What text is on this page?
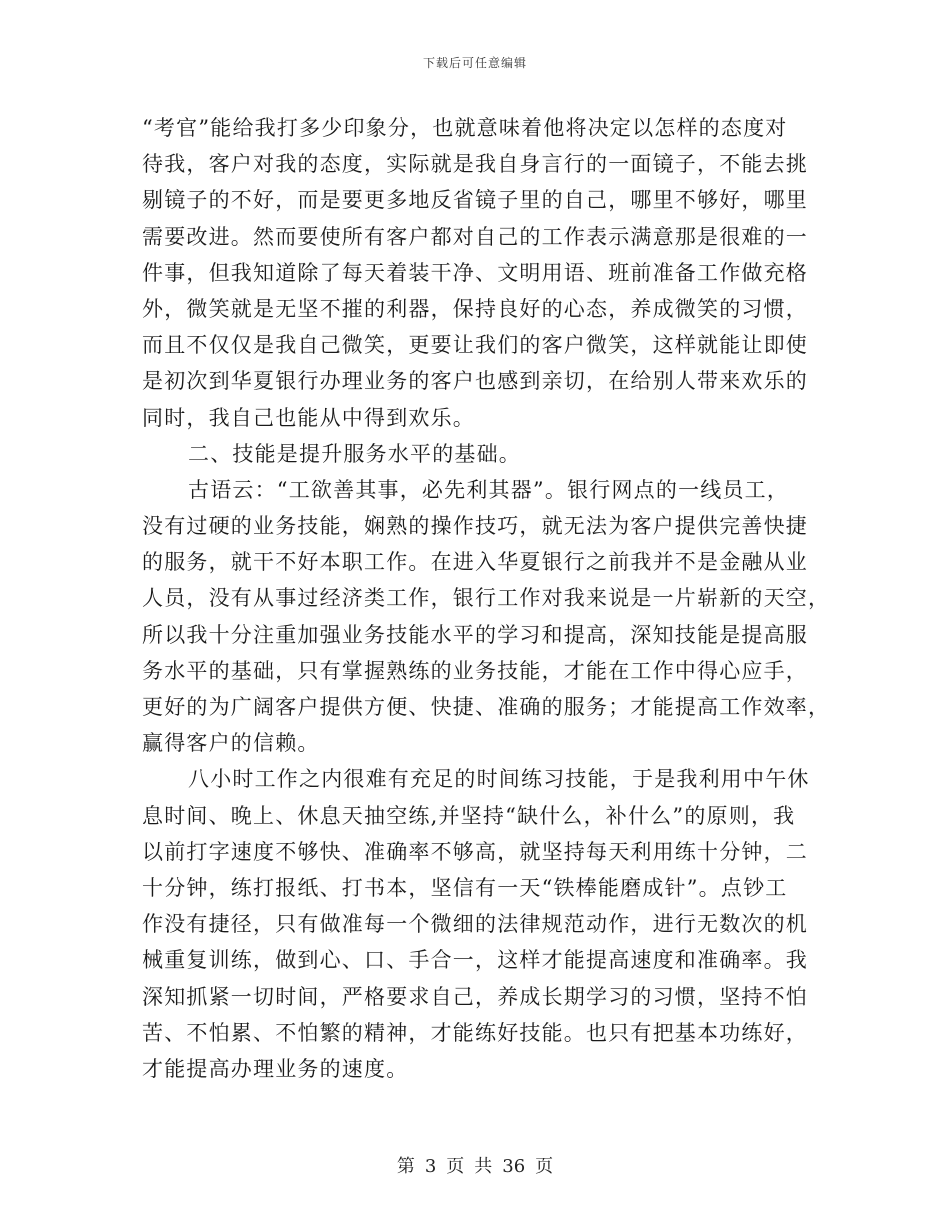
下载后可任意编辑
“考官”能给我打多少印象分，也就意味着他将决定以怎样的态度对
待我，客户对我的态度，实际就是我自身言行的一面镜子，不能去挑
剔镜子的不好，而是要更多地反省镜子里的自己，哪里不够好，哪里
需要改进。然而要使所有客户都对自己的工作表示满意那是很难的一
件事，但我知道除了每天着装干净、文明用语、班前准备工作做充格
外，微笑就是无坚不摧的利器，保持良好的心态，养成微笑的习惯，
而且不仅仅是我自己微笑，更要让我们的客户微笑，这样就能让即使
是初次到华夏银行办理业务的客户也感到亲切，在给别人带来欢乐的
同时，我自己也能从中得到欢乐。
二、技能是提升服务水平的基础。
古语云：“工欲善其事，必先利其器”。银行网点的一线员工，
没有过硬的业务技能，娴熟的操作技巧，就无法为客户提供完善快捷
的服务，就干不好本职工作。在进入华夏银行之前我并不是金融从业
人员，没有从事过经济类工作，银行工作对我来说是一片崭新的天空，
所以我十分注重加强业务技能水平的学习和提高，深知技能是提高服
务水平的基础，只有掌握熟练的业务技能，才能在工作中得心应手，
更好的为广阔客户提供方便、快捷、准确的服务；才能提高工作效率，
赢得客户的信赖。
八小时工作之内很难有充足的时间练习技能，于是我利用中午休
息时间、晚上、休息天抽空练,并坚持“缺什么，补什么”的原则，我
以前打字速度不够快、准确率不够高，就坚持每天利用练十分钟，二
十分钟，练打报纸、打书本，坚信有一天“铁棒能磨成针”。点钞工
作没有捷径，只有做准每一个微细的法律规范动作，进行无数次的机
械重复训练，做到心、口、手合一，这样才能提高速度和准确率。我
深知抓紧一切时间，严格要求自己，养成长期学习的习惯，坚持不怕
苦、不怕累、不怕繁的精神，才能练好技能。也只有把基本功练好，
才能提高办理业务的速度。
第 3 页 共 36 页
